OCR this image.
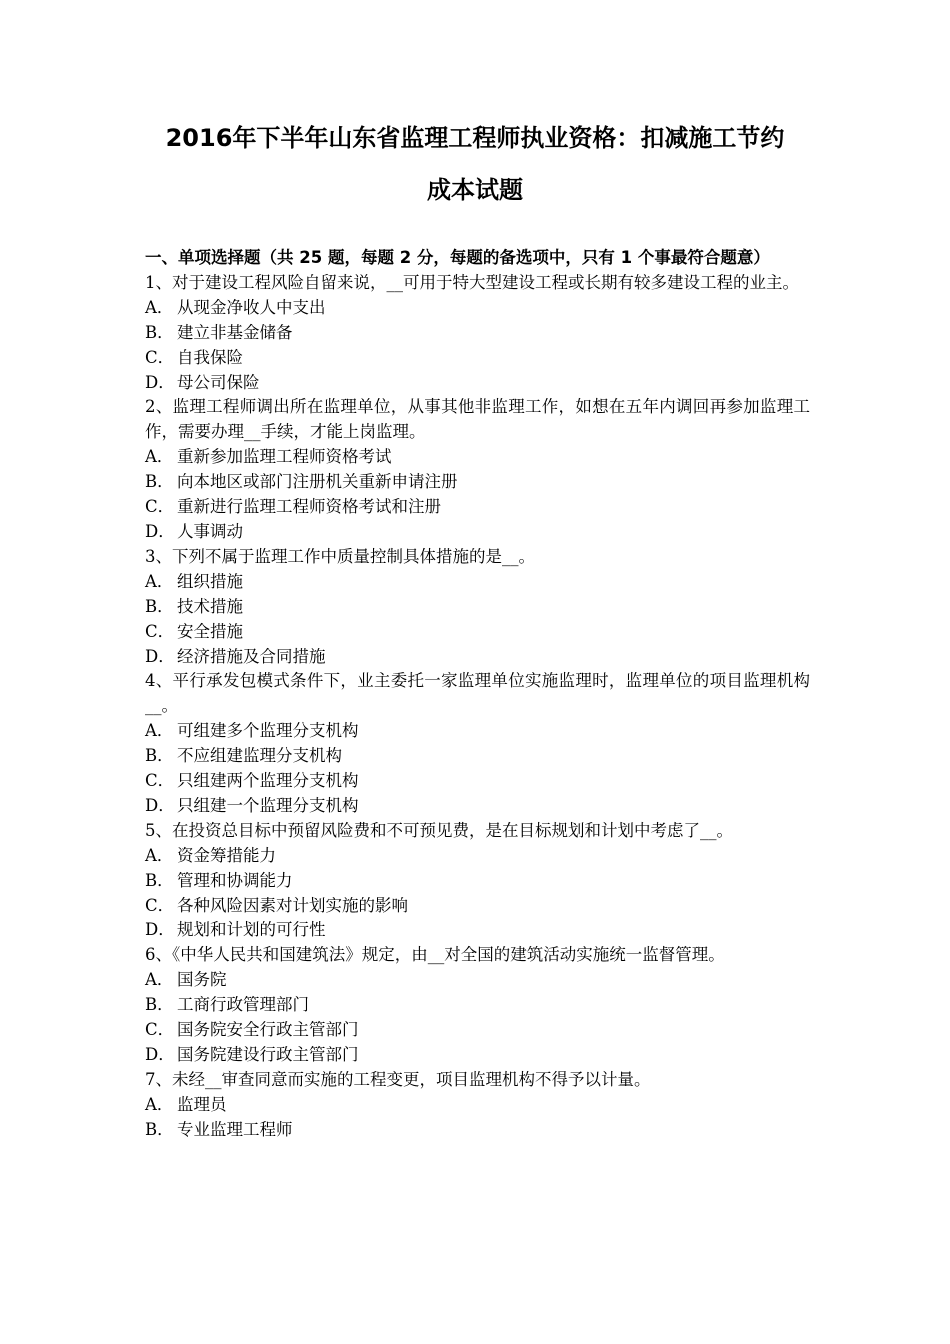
2016年下半年山东省监理工程师执业资格：扣减施工节约
成本试题

一、单项选择题（共 25 题，每题 2 分，每题的备选项中，只有 1 个事最符合题意）

1、对于建设工程风险自留来说，__可用于特大型建设工程或长期有较多建设工程的业主。

A． 从现金净收人中支出
B． 建立非基金储备
C． 自我保险
D． 母公司保险

2、监理工程师调出所在监理单位，从事其他非监理工作，如想在五年内调回再参加监理工作，需要办理__手续，才能上岗监理。

A． 重新参加监理工程师资格考试
B． 向本地区或部门注册机关重新申请注册
C． 重新进行监理工程师资格考试和注册
D． 人事调动

3、下列不属于监理工作中质量控制具体措施的是__。

A． 组织措施
B． 技术措施
C． 安全措施
D． 经济措施及合同措施

4、平行承发包模式条件下，业主委托一家监理单位实施监理时，监理单位的项目监理机构__。

A． 可组建多个监理分支机构
B． 不应组建监理分支机构
C． 只组建两个监理分支机构
D． 只组建一个监理分支机构

5、在投资总目标中预留风险费和不可预见费，是在目标规划和计划中考虑了__。

A． 资金筹措能力
B． 管理和协调能力
C． 各种风险因素对计划实施的影响
D． 规划和计划的可行性

6、《中华人民共和国建筑法》规定，由__对全国的建筑活动实施统一监督管理。

A． 国务院
B． 工商行政管理部门
C． 国务院安全行政主管部门
D． 国务院建设行政主管部门

7、未经__审查同意而实施的工程变更，项目监理机构不得予以计量。

A． 监理员
B． 专业监理工程师
